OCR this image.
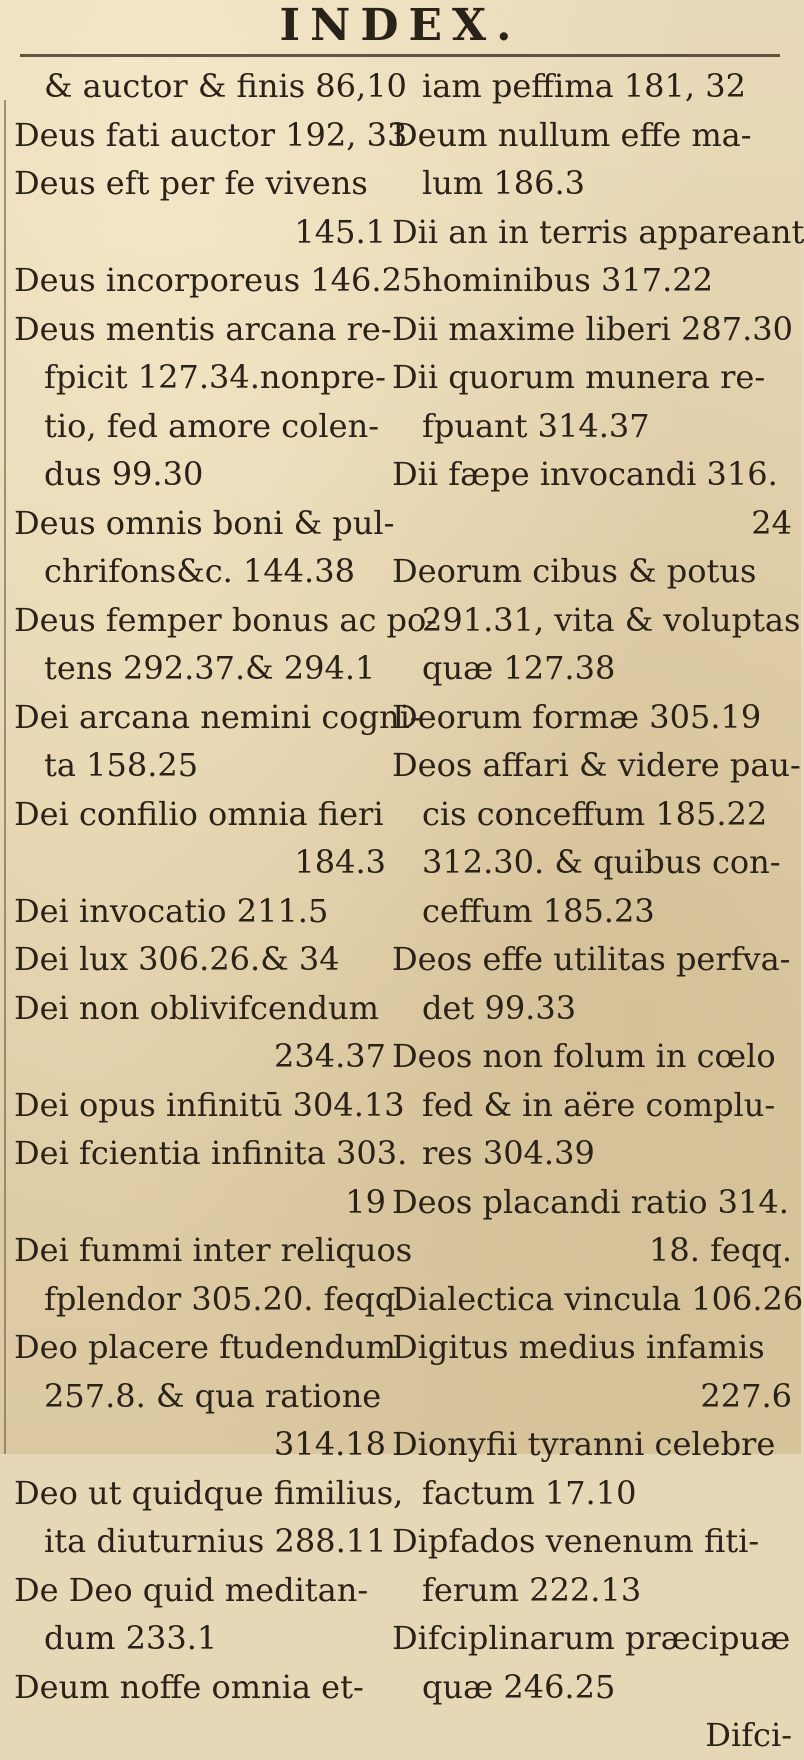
INDEX.
& auctor & finis 86,10
Deus fati auctor 192, 33
Deus eft per fe vivens
145.1
Deus incorporeus 146.25
Deus mentis arcana re-
fpicit 127.34.nonpre-
tio, fed amore colen-
dus 99.30
Deus omnis boni & pul-
chrifons&c. 144.38
Deus femper bonus ac po-
tens 292.37.& 294.1
Dei arcana nemini cogni-
ta 158.25
Dei confilio omnia fieri
184.3
Dei invocatio 211.5
Dei lux 306.26.& 34
Dei non oblivifcendum
234.37
Dei opus infinitū 304.13
Dei fcientia infinita 303.
19
Dei fummi inter reliquos
fplendor 305.20. feqq.
Deo placere ftudendum
257.8. & qua ratione
314.18
Deo ut quidque fimilius,
ita diuturnius 288.11
De Deo quid meditan-
dum 233.1
Deum noffe omnia et-
iam peffima 181, 32
Deum nullum effe ma-
lum 186.3
Dii an in terris appareant
hominibus 317.22
Dii maxime liberi 287.30
Dii quorum munera re-
fpuant 314.37
Dii fæpe invocandi 316.
24
Deorum cibus & potus
291.31, vita & voluptas
quæ 127.38
Deorum formæ 305.19
Deos affari & videre pau-
cis conceffum 185.22
312.30. & quibus con-
ceffum 185.23
Deos effe utilitas perfva-
det 99.33
Deos non folum in cœlo
fed & in aëre complu-
res 304.39
Deos placandi ratio 314.
18. feqq.
Dialectica vincula 106.26
Digitus medius infamis
227.6
Dionyfii tyranni celebre
factum 17.10
Dipfados venenum fiti-
ferum 222.13
Difciplinarum præcipuæ
quæ 246.25
Difci-
